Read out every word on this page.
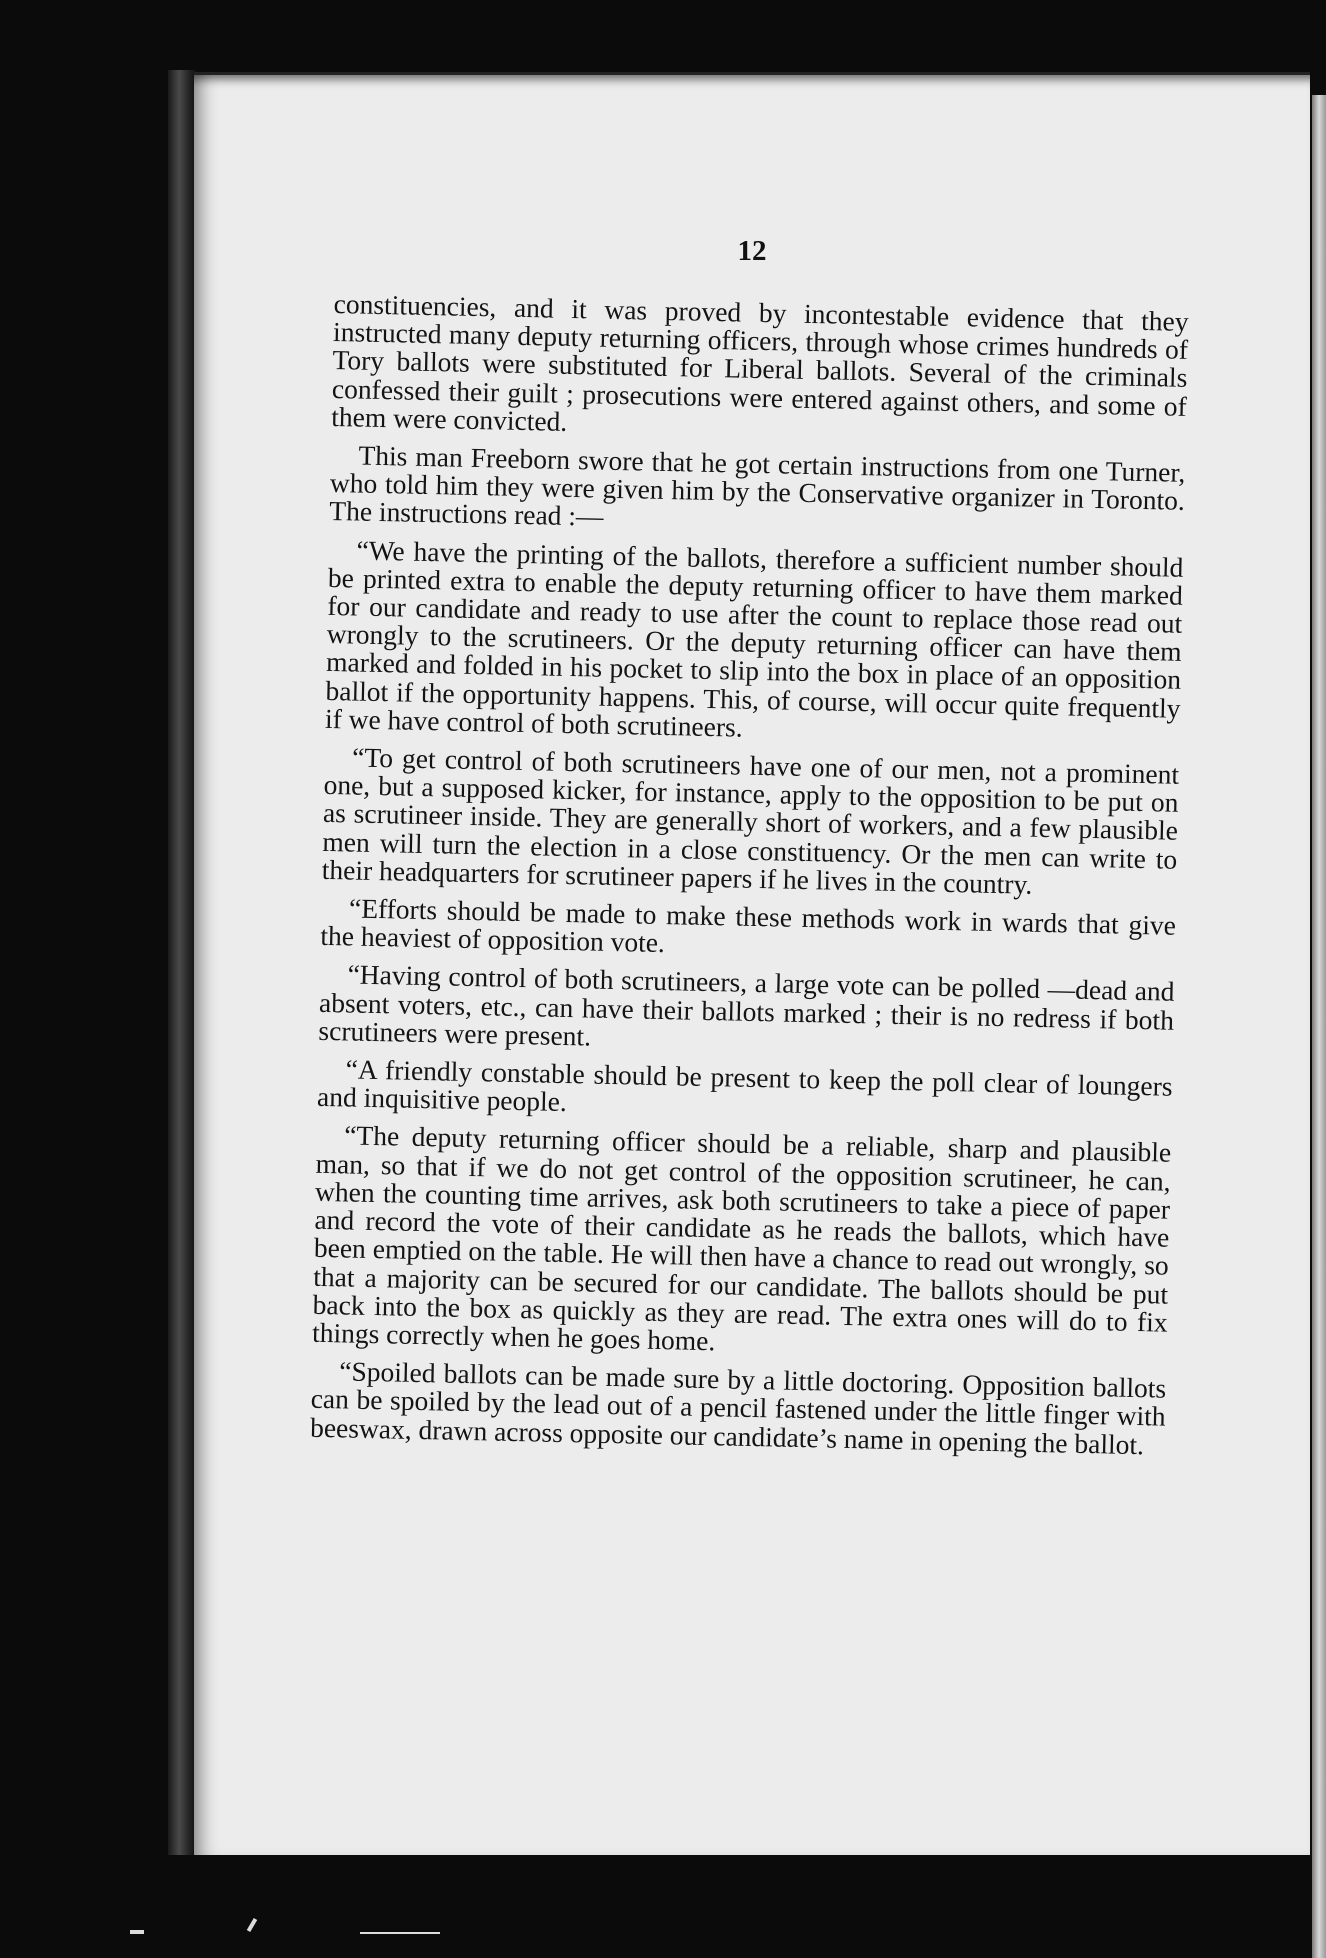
12

constituencies, and it was proved by incontestable evidence that they instructed many deputy returning officers, through whose crimes hundreds of Tory ballots were substituted for Liberal ballots. Several of the criminals confessed their guilt ; prosecutions were entered against others, and some of them were convicted.

This man Freeborn swore that he got certain instructions from one Turner, who told him they were given him by the Conservative organizer in Toronto. The instructions read :—

“We have the printing of the ballots, therefore a sufficient number should be printed extra to enable the deputy returning officer to have them marked for our candidate and ready to use after the count to replace those read out wrongly to the scrutineers. Or the deputy returning officer can have them marked and folded in his pocket to slip into the box in place of an opposition ballot if the opportunity happens. This, of course, will occur quite frequently if we have control of both scrutineers.

“To get control of both scrutineers have one of our men, not a prominent one, but a supposed kicker, for instance, apply to the opposition to be put on as scrutineer inside. They are generally short of workers, and a few plausible men will turn the election in a close constituency. Or the men can write to their headquarters for scrutineer papers if he lives in the country.

“Efforts should be made to make these methods work in wards that give the heaviest of opposition vote.

“Having control of both scrutineers, a large vote can be polled —dead and absent voters, etc., can have their ballots marked ; their is no redress if both scrutineers were present.

“A friendly constable should be present to keep the poll clear of loungers and inquisitive people.

“The deputy returning officer should be a reliable, sharp and plausible man, so that if we do not get control of the opposition scrutineer, he can, when the counting time arrives, ask both scrutineers to take a piece of paper and record the vote of their candidate as he reads the ballots, which have been emptied on the table. He will then have a chance to read out wrongly, so that a majority can be secured for our candidate. The ballots should be put back into the box as quickly as they are read. The extra ones will do to fix things correctly when he goes home.

“Spoiled ballots can be made sure by a little doctoring. Opposition ballots can be spoiled by the lead out of a pencil fastened under the little finger with beeswax, drawn across opposite our candidate’s name in opening the ballot.
